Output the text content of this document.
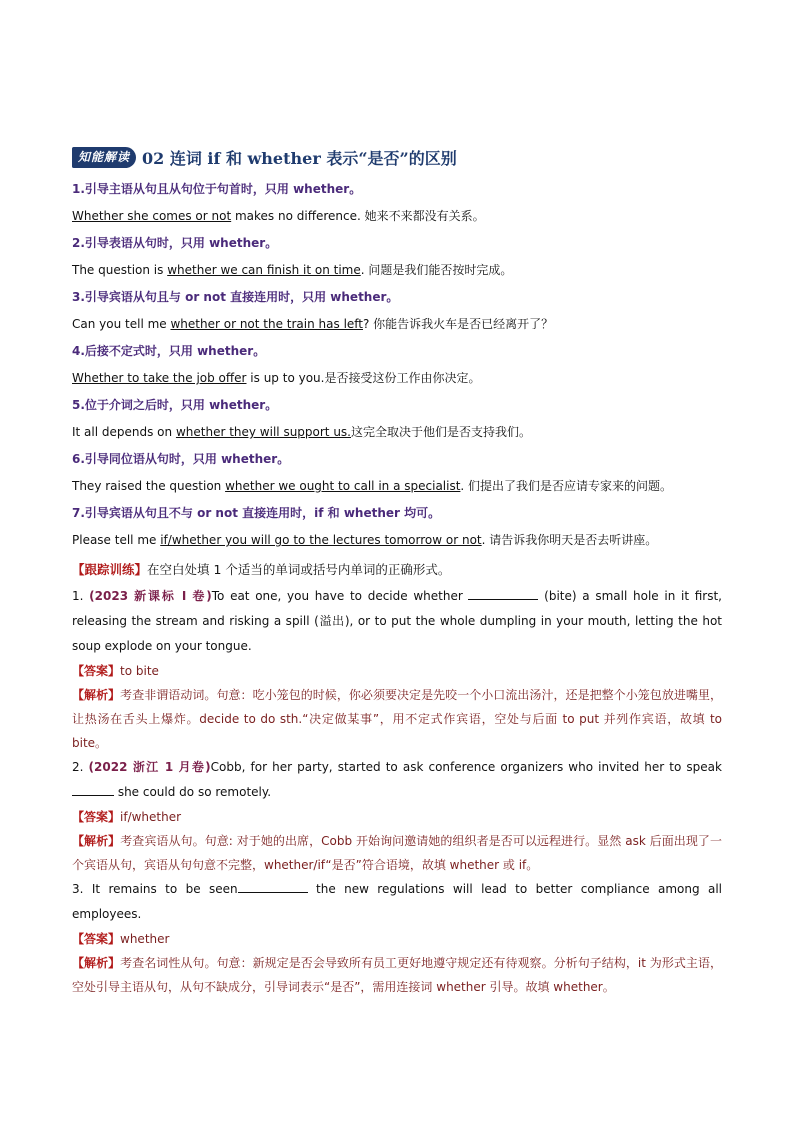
知能解读 02 连词 if 和 whether 表示“是否”的区别
1.引导主语从句且从句位于句首时，只用 whether。
Whether she comes or not makes no difference. 她来不来都没有关系。
2.引导表语从句时，只用 whether。
The question is whether we can finish it on time. 问题是我们能否按时完成。
3.引导宾语从句且与 or not 直接连用时，只用 whether。
Can you tell me whether or not the train has left? 你能告诉我火车是否已经离开了？
4.后接不定式时，只用 whether。
Whether to take the job offer is up to you.是否接受这份工作由你决定。
5.位于介词之后时，只用 whether。
It all depends on whether they will support us.这完全取决于他们是否支持我们。
6.引导同位语从句时，只用 whether。
They raised the question whether we ought to call in a specialist. 们提出了我们是否应请专家来的问题。
7.引导宾语从句且不与 or not 直接连用时，if 和 whether 均可。
Please tell me if/whether you will go to the lectures tomorrow or not. 请告诉我你明天是否去听讲座。
【跟踪训练】在空白处填 1 个适当的单词或括号内单词的正确形式。
1. (2023 新课标 I 卷)To eat one, you have to decide whether	(bite) a small hole in it first, releasing the stream and risking a spill (溢出), or to put the whole dumpling in your mouth, letting the hot soup explode on your tongue.
【答案】to bite
【解析】考查非谓语动词。句意：吃小笼包的时候，你必须要决定是先咬一个小口流出汤汁，还是把整个小笼包放进嘴里，让热汤在舌头上爆炸。decide to do sth.“决定做某事”，用不定式作宾语，空处与后面 to put 并列作宾语，故填 to bite。
2. (2022 浙江 1 月卷)Cobb, for her party, started to ask conference organizers who invited her to speak  she could do so remotely.
【答案】if/whether
【解析】考查宾语从句。句意: 对于她的出席，Cobb 开始询问邀请她的组织者是否可以远程进行。显然 ask 后面出现了一个宾语从句，宾语从句句意不完整，whether/if“是否”符合语境，故填 whether 或 if。
3. It remains to be seen	the new regulations will lead to better compliance among all employees.
【答案】whether
【解析】考查名词性从句。句意：新规定是否会导致所有员工更好地遵守规定还有待观察。分析句子结构，it 为形式主语，空处引导主语从句，从句不缺成分，引导词表示“是否”，需用连接词 whether 引导。故填 whether。
